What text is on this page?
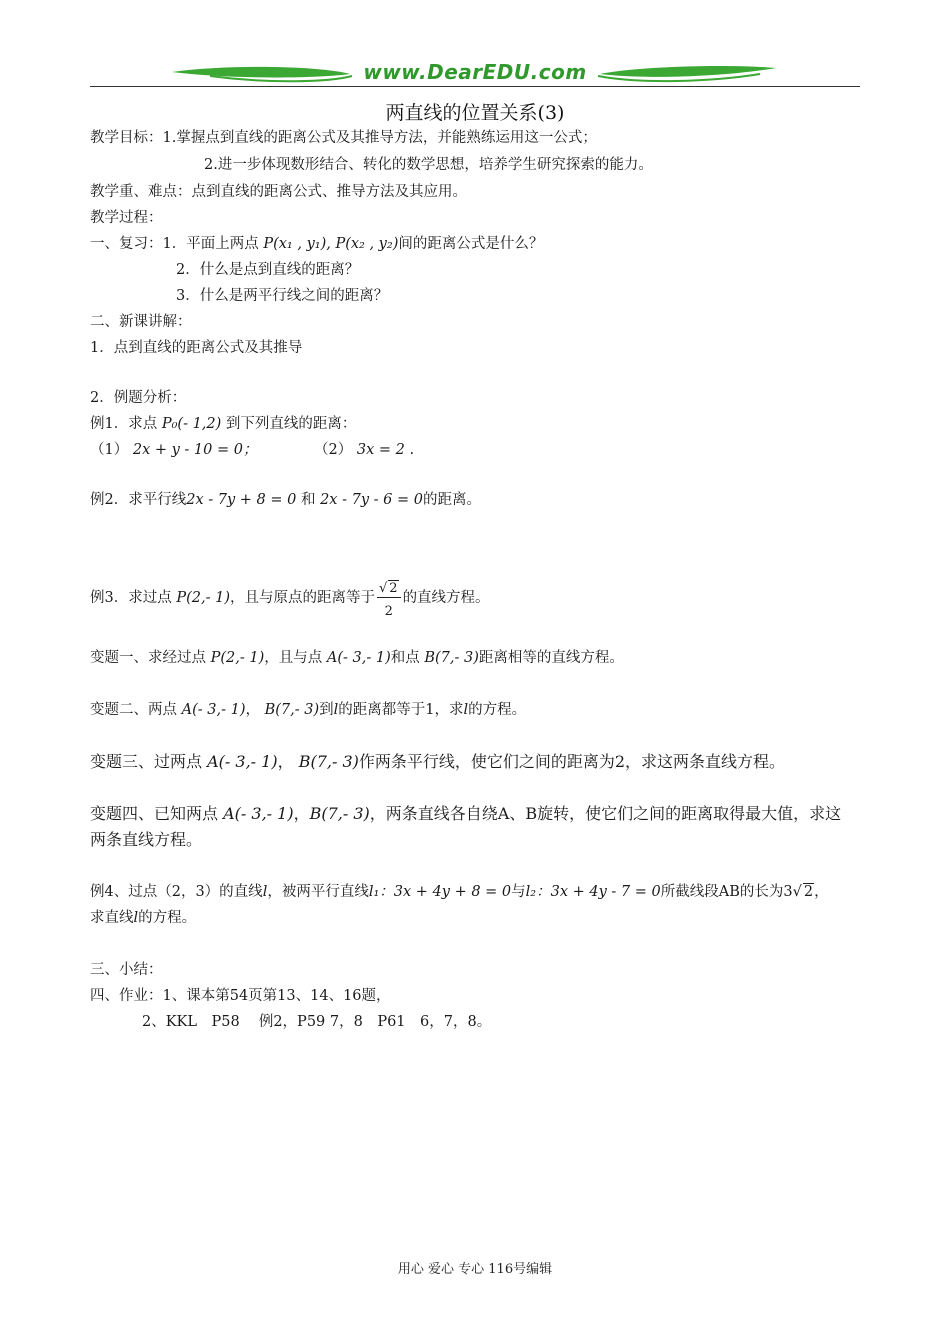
www.DearEDU.com
两直线的位置关系(3)
教学目标：1.掌握点到直线的距离公式及其推导方法，并能熟练运用这一公式；
2.进一步体现数形结合、转化的数学思想，培养学生研究探索的能力。
教学重、难点：点到直线的距离公式、推导方法及其应用。
教学过程：
一、复习：1．平面上两点 P(x₁ , y₁), P(x₂ , y₂)间的距离公式是什么？
2．什么是点到直线的距离？
3．什么是两平行线之间的距离？
二、新课讲解：
1．点到直线的距离公式及其推导
2．例题分析：
例1．求点 P₀(- 1,2) 到下列直线的距离：
（1） 2x + y - 10 = 0；	（2） 3x = 2 .
例2．求平行线2x - 7y + 8 = 0 和 2x - 7y - 6 = 0的距离。
例3．求过点 P(2,- 1)，且与原点的距离等于 $\frac{√ 2}{2}$ 的直线方程。
变题一、求经过点 P(2,- 1)，且与点 A(- 3,- 1)和点 B(7,- 3)距离相等的直线方程。
变题二、两点 A(- 3,- 1)， B(7,- 3)到l的距离都等于1，求l的方程。
变题三、过两点 A(- 3,- 1)， B(7,- 3)作两条平行线，使它们之间的距离为2，求这两条直线方程。
变题四、已知两点 A(- 3,- 1)，B(7,- 3)，两条直线各自绕A、B旋转，使它们之间的距离取得最大值，求这
两条直线方程。
例4、过点（2，3）的直线l，被两平行直线l₁：3x + 4y + 8 = 0与l₂：3x + 4y - 7 = 0所截线段AB的长为3√ 2，
求直线l的方程。
三、小结：
四、作业：1、课本第54页第13、14、16题，
2、KKL　P58　 例2，P59 7，8　P61　6，7，8。
用心 爱心 专心 116号编辑
